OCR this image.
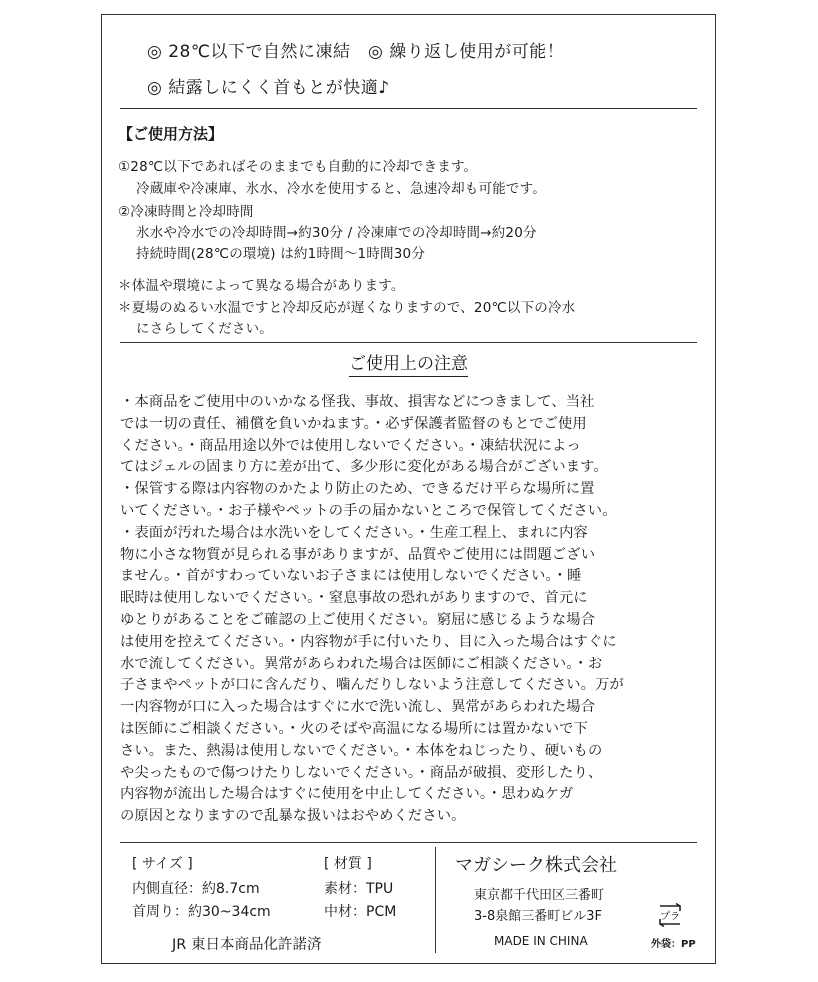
◎ 28℃以下で自然に凍結　◎ 繰り返し使用が可能！
◎ 結露しにくく首もとが快適♪
【ご使用方法】
①28℃以下であればそのままでも自動的に冷却できます。
冷蔵庫や冷凍庫、氷水、冷水を使用すると、急速冷却も可能です。
②冷凍時間と冷却時間
氷水や冷水での冷却時間→約30分 / 冷凍庫での冷却時間→約20分
持続時間(28℃の環境) は約1時間〜1時間30分
＊体温や環境によって異なる場合があります。
＊夏場のぬるい水温ですと冷却反応が遅くなりますので、20℃以下の冷水
にさらしてください。
ご使用上の注意
・本商品をご使用中のいかなる怪我、事故、損害などにつきまして、当社
では一切の責任、補償を負いかねます。・必ず保護者監督のもとでご使用
ください。・商品用途以外では使用しないでください。・凍結状況によっ
てはジェルの固まり方に差が出て、多少形に変化がある場合がございます。
・保管する際は内容物のかたより防止のため、できるだけ平らな場所に置
いてください。・お子様やペットの手の届かないところで保管してください。
・表面が汚れた場合は水洗いをしてください。・生産工程上、まれに内容
物に小さな物質が見られる事がありますが、品質やご使用には問題ござい
ません。・首がすわっていないお子さまには使用しないでください。・睡
眠時は使用しないでください。・窒息事故の恐れがありますので、首元に
ゆとりがあることをご確認の上ご使用ください。窮屈に感じるような場合
は使用を控えてください。・内容物が手に付いたり、目に入った場合はすぐに
水で流してください。異常があらわれた場合は医師にご相談ください。・お
子さまやペットが口に含んだり、噛んだりしないよう注意してください。万が
一内容物が口に入った場合はすぐに水で洗い流し、異常があらわれた場合
は医師にご相談ください。・火のそばや高温になる場所には置かないで下
さい。また、熱湯は使用しないでください。・本体をねじったり、硬いもの
や尖ったもので傷つけたりしないでください。・商品が破損、変形したり、
内容物が流出した場合はすぐに使用を中止してください。・思わぬケガ
の原因となりますので乱暴な扱いはおやめください。
[ サイズ ]
内側直径：約8.7cm
首周り：約30~34cm
[ 材質 ]
素材：TPU
中材：PCM
JR 東日本商品化許諾済
マガシーク株式会社
東京都千代田区三番町
3-8泉館三番町ビル3F
MADE IN CHINA
プラ
外袋：PP
